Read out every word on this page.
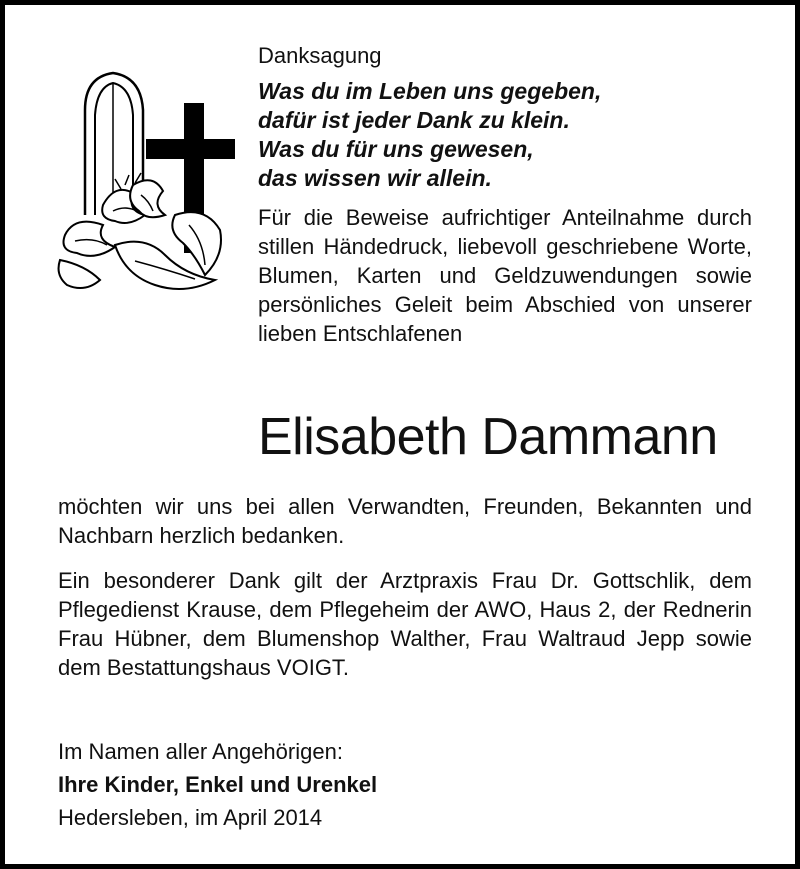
Danksagung
Was du im Leben uns gegeben,
dafür ist jeder Dank zu klein.
Was du für uns gewesen,
das wissen wir allein.

Für die Beweise aufrichtiger Anteilnahme durch stillen Händedruck, liebevoll geschriebene Worte, Blumen, Karten und Geldzuwendungen sowie persönliches Geleit beim Abschied von unserer lieben Entschlafenen

Elisabeth Dammann

möchten wir uns bei allen Verwandten, Freunden, Bekannten und Nachbarn herzlich bedanken.

Ein besonderer Dank gilt der Arztpraxis Frau Dr. Gottschlik, dem Pflegedienst Krause, dem Pflegeheim der AWO, Haus 2, der Rednerin Frau Hübner, dem Blumenshop Walther, Frau Waltraud Jepp sowie dem Bestattungshaus VOIGT.

Im Namen aller Angehörigen:
Ihre Kinder, Enkel und Urenkel
Hedersleben, im April 2014
